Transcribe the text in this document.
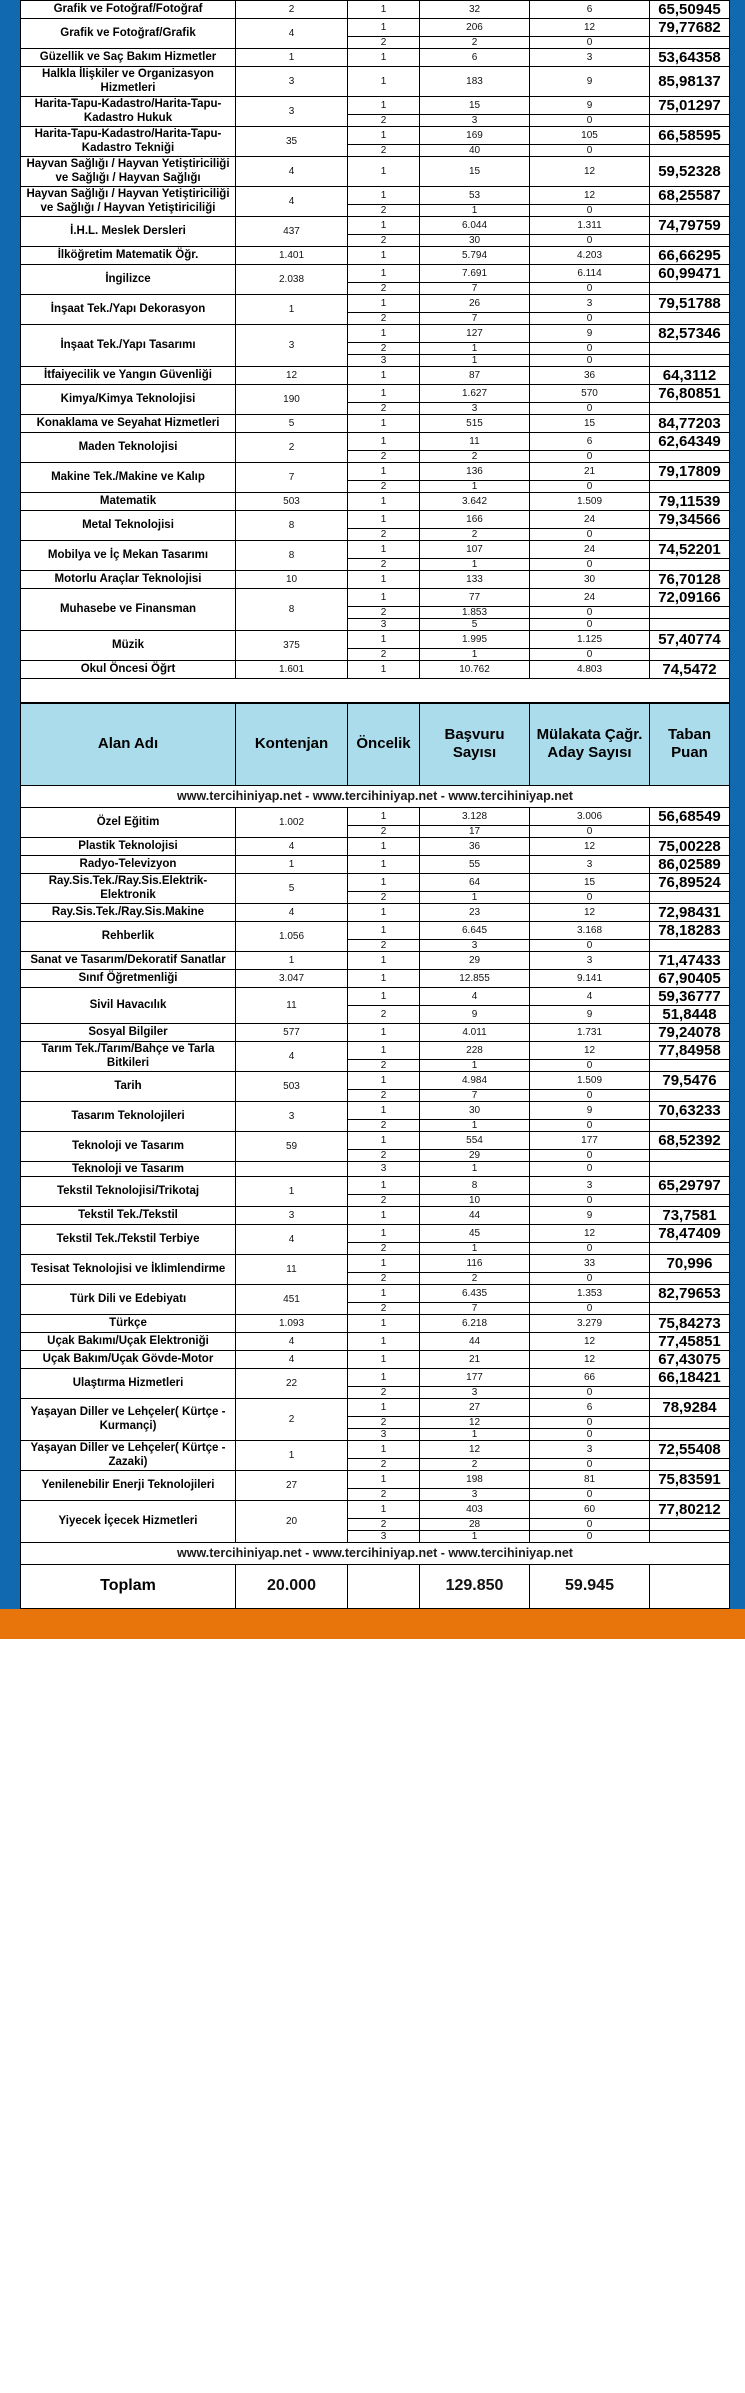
Grafik ve Fotoğraf/Fotoğraf	2	1	32	6	65,50945
Grafik ve Fotoğraf/Grafik	4	1	206	12	79,77682
		2	2	0	
Güzellik ve Saç Bakım Hizmetler	1	1	6	3	53,64358
Halkla İlişkiler ve Organizasyon Hizmetleri	3	1	183	9	85,98137
Harita-Tapu-Kadastro/Harita-Tapu-Kadastro Hukuk	3	1	15	9	75,01297
		2	3	0	
Harita-Tapu-Kadastro/Harita-Tapu-Kadastro Tekniği	35	1	169	105	66,58595
		2	40	0	
Hayvan Sağlığı / Hayvan Yetiştiriciliği ve Sağlığı / Hayvan Sağlığı	4	1	15	12	59,52328
Hayvan Sağlığı / Hayvan Yetiştiriciliği ve Sağlığı / Hayvan Yetiştiriciliği	4	1	53	12	68,25587
		2	1	0	
İ.H.L. Meslek Dersleri	437	1	6.044	1.311	74,79759
		2	30	0	
İlköğretim Matematik Öğr.	1.401	1	5.794	4.203	66,66295
İngilizce	2.038	1	7.691	6.114	60,99471
		2	7	0	
İnşaat Tek./Yapı Dekorasyon	1	1	26	3	79,51788
		2	7	0	
İnşaat Tek./Yapı Tasarımı	3	1	127	9	82,57346
		2	1	0	
		3	1	0	
İtfaiyecilik ve Yangın Güvenliği	12	1	87	36	64,3112
Kimya/Kimya Teknolojisi	190	1	1.627	570	76,80851
		2	3	0	
Konaklama ve Seyahat Hizmetleri	5	1	515	15	84,77203
Maden Teknolojisi	2	1	11	6	62,64349
		2	2	0	
Makine Tek./Makine ve Kalıp	7	1	136	21	79,17809
		2	1	0	
Matematik	503	1	3.642	1.509	79,11539
Metal Teknolojisi	8	1	166	24	79,34566
		2	2	0	
Mobilya ve İç Mekan Tasarımı	8	1	107	24	74,52201
		2	1	0	
Motorlu Araçlar Teknolojisi	10	1	133	30	76,70128
Muhasebe ve Finansman	8	1	77	24	72,09166
		2	1.853	0	
		3	5	0	
Müzik	375	1	1.995	1.125	57,40774
		2	1	0	
Okul Öncesi Öğrt	1.601	1	10.762	4.803	74,5472
www.tercihiniyap.net - www.tercihiniyap.net - www.tercihiniyap.net					
Alan Adı	Kontenjan	Öncelik	Başvuru Sayısı	Mülakata Çağr. Aday Sayısı	Taban Puan
www.tercihiniyap.net - www.tercihiniyap.net - www.tercihiniyap.net					
Özel Eğitim	1.002	1	3.128	3.006	56,68549
		2	17	0	
Plastik Teknolojisi	4	1	36	12	75,00228
Radyo-Televizyon	1	1	55	3	86,02589
Ray.Sis.Tek./Ray.Sis.Elektrik-Elektronik	5	1	64	15	76,89524
		2	1	0	
Ray.Sis.Tek./Ray.Sis.Makine	4	1	23	12	72,98431
Rehberlik	1.056	1	6.645	3.168	78,18283
		2	3	0	
Sanat ve Tasarım/Dekoratif Sanatlar	1	1	29	3	71,47433
Sınıf Öğretmenliği	3.047	1	12.855	9.141	67,90405
Sivil Havacılık	11	1	4	4	59,36777
		2	9	9	51,8448
Sosyal Bilgiler	577	1	4.011	1.731	79,24078
Tarım Tek./Tarım/Bahçe ve Tarla Bitkileri	4	1	228	12	77,84958
		2	1	0	
Tarih	503	1	4.984	1.509	79,5476
		2	7	0	
Tasarım Teknolojileri	3	1	30	9	70,63233
		2	1	0	
Teknoloji ve Tasarım	59	1	554	177	68,52392
		2	29	0	
Teknoloji ve Tasarım		3	1	0	
Tekstil Teknolojisi/Trikotaj	1	1	8	3	65,29797
		2	10	0	
Tekstil Tek./Tekstil	3	1	44	9	73,7581
Tekstil Tek./Tekstil Terbiye	4	1	45	12	78,47409
		2	1	0	
Tesisat Teknolojisi ve İklimlendirme	11	1	116	33	70,996
		2	2	0	
Türk Dili ve Edebiyatı	451	1	6.435	1.353	82,79653
		2	7	0	
Türkçe	1.093	1	6.218	3.279	75,84273
Uçak Bakımı/Uçak Elektroniği	4	1	44	12	77,45851
Uçak Bakım/Uçak Gövde-Motor	4	1	21	12	67,43075
Ulaştırma Hizmetleri	22	1	177	66	66,18421
		2	3	0	
Yaşayan Diller ve Lehçeler( Kürtçe - Kurmançi)	2	1	27	6	78,9284
		2	12	0	
		3	1	0	
Yaşayan Diller ve Lehçeler( Kürtçe - Zazaki)	1	1	12	3	72,55408
		2	2	0	
Yenilenebilir Enerji Teknolojileri	27	1	198	81	75,83591
		2	3	0	
Yiyecek İçecek Hizmetleri	20	1	403	60	77,80212
		2	28	0	
		3	1	0	
www.tercihiniyap.net - www.tercihiniyap.net - www.tercihiniyap.net					
Toplam	20.000		129.850	59.945	
